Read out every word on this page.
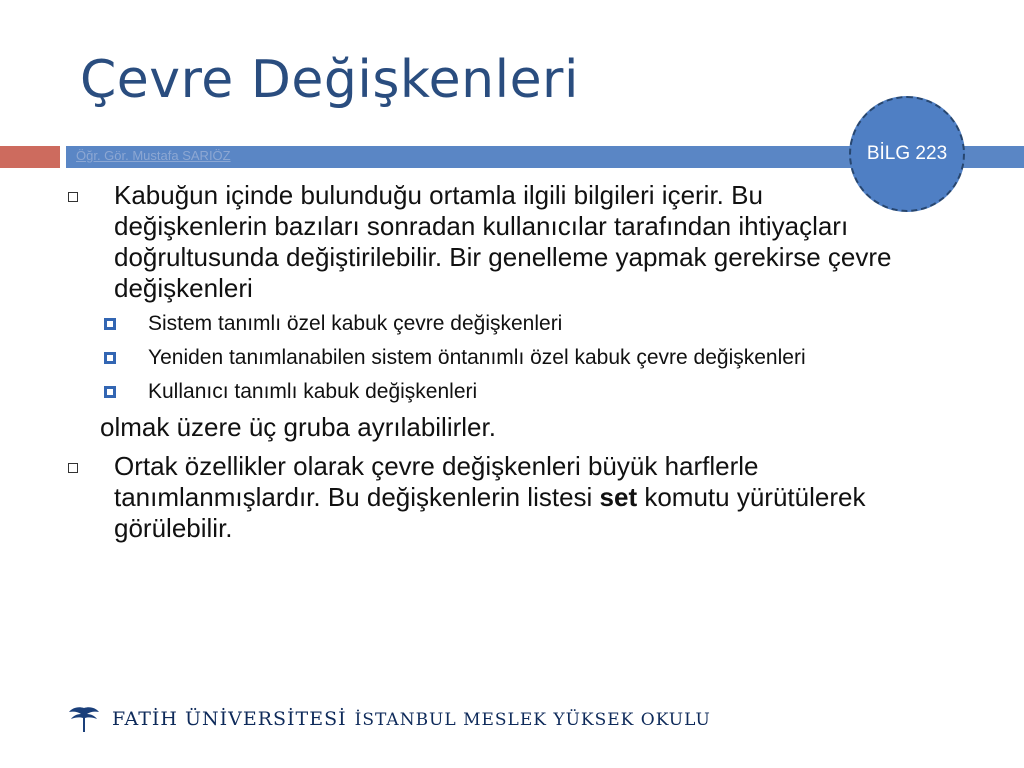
Çevre Değişkenleri
Öğr. Gör. Mustafa SARIÖZ	BİLG 223
Kabuğun içinde bulunduğu ortamla ilgili bilgileri içerir. Bu değişkenlerin bazıları sonradan kullanıcılar tarafından ihtiyaçları doğrultusunda değiştirilebilir. Bir genelleme yapmak gerekirse çevre değişkenleri
Sistem tanımlı özel kabuk çevre değişkenleri
Yeniden tanımlanabilen sistem öntanımlı özel kabuk çevre değişkenleri
Kullanıcı tanımlı kabuk değişkenleri
olmak üzere üç gruba ayrılabilirler.
Ortak özellikler olarak çevre değişkenleri büyük harflerle tanımlanmışlardır. Bu değişkenlerin listesi set komutu yürütülerek görülebilir.
FATİH ÜNİVERSİTESİ İSTANBUL MESLEK YÜKSEK OKULU
